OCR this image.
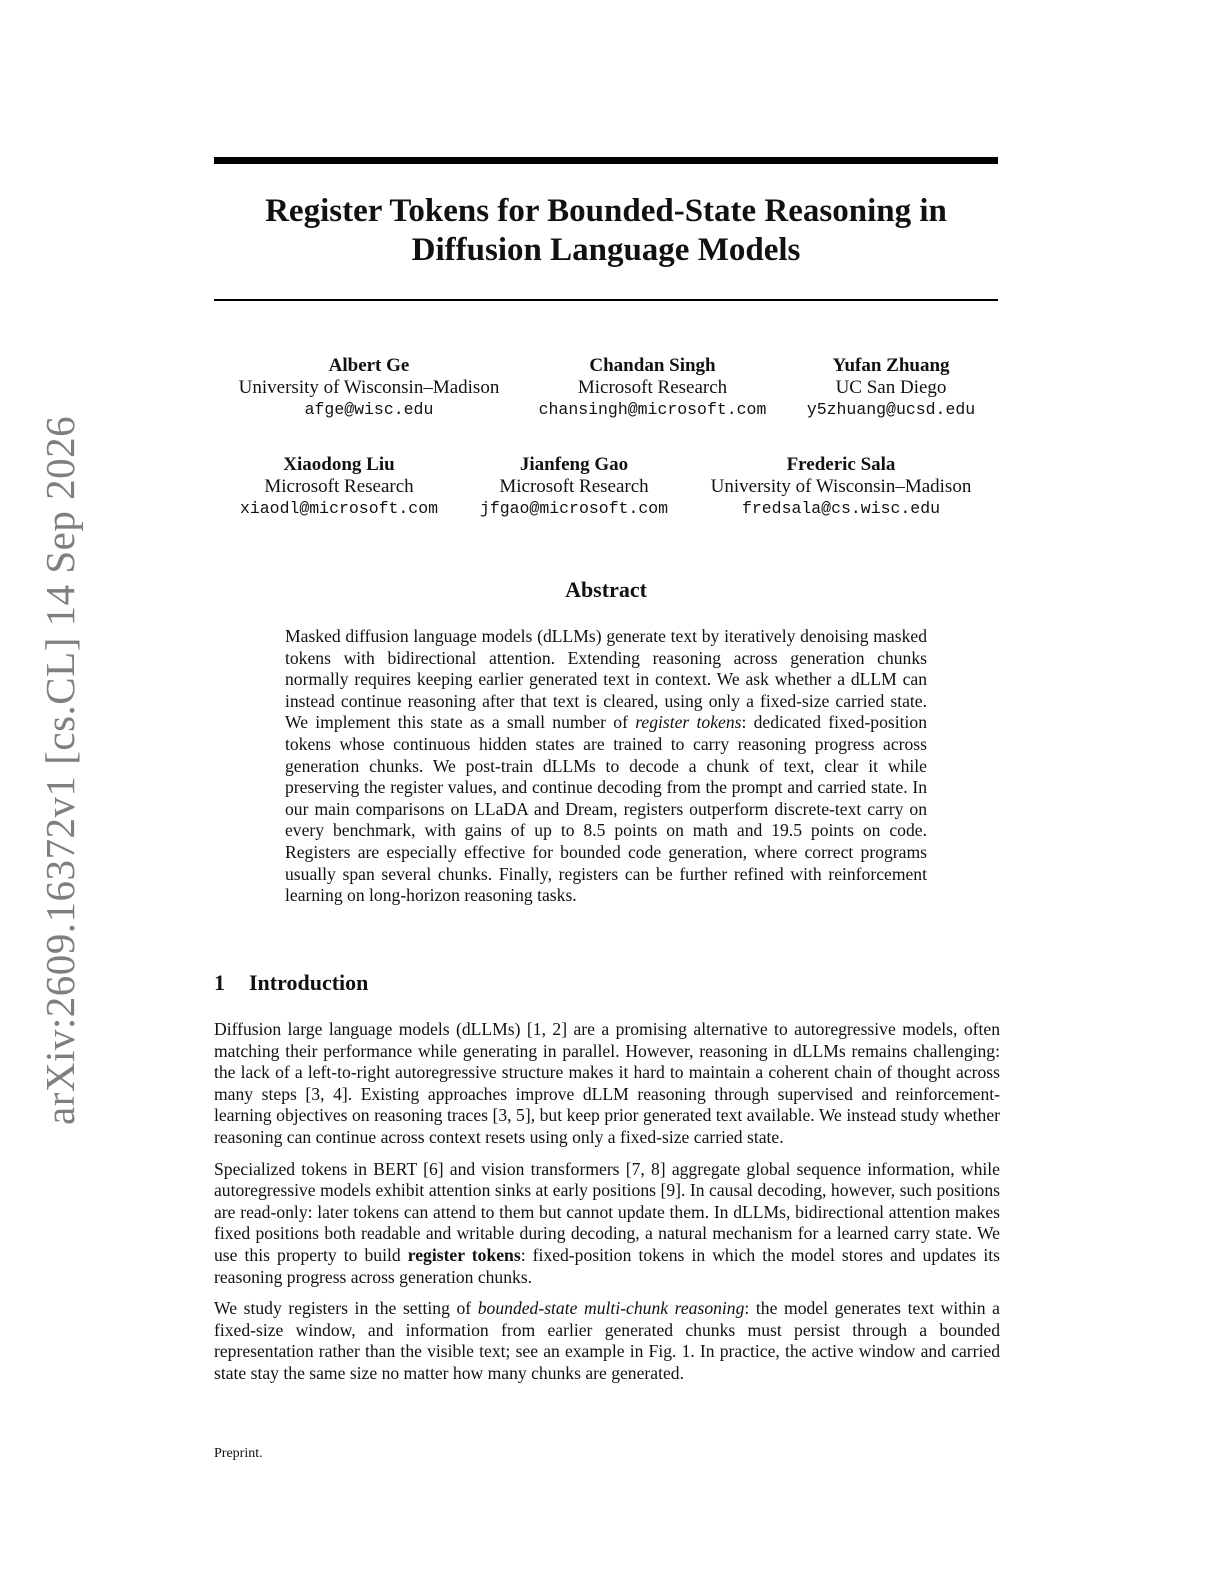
arXiv:2609.16372v1 [cs.CL] 14 Sep 2026
Register Tokens for Bounded-State Reasoning in
Diffusion Language Models
Albert Ge
University of Wisconsin–Madison
afge@wisc.edu
Chandan Singh
Microsoft Research
chansingh@microsoft.com
Yufan Zhuang
UC San Diego
y5zhuang@ucsd.edu
Xiaodong Liu
Microsoft Research
xiaodl@microsoft.com
Jianfeng Gao
Microsoft Research
jfgao@microsoft.com
Frederic Sala
University of Wisconsin–Madison
fredsala@cs.wisc.edu
Abstract
Masked diffusion language models (dLLMs) generate text by iteratively denoising masked tokens with bidirectional attention. Extending reasoning across generation chunks normally requires keeping earlier generated text in context. We ask whether a dLLM can instead continue reasoning after that text is cleared, using only a fixed-size carried state. We implement this state as a small number of register tokens: dedicated fixed-position tokens whose continuous hidden states are trained to carry reasoning progress across generation chunks. We post-train dLLMs to decode a chunk of text, clear it while preserving the register values, and continue decoding from the prompt and carried state. In our main comparisons on LLaDA and Dream, registers outperform discrete-text carry on every benchmark, with gains of up to 8.5 points on math and 19.5 points on code. Registers are especially effective for bounded code generation, where correct programs usually span several chunks. Finally, registers can be further refined with reinforcement learning on long-horizon reasoning tasks.
1 Introduction

Diffusion large language models (dLLMs) [1, 2] are a promising alternative to autoregressive models, often matching their performance while generating in parallel. However, reasoning in dLLMs remains challenging: the lack of a left-to-right autoregressive structure makes it hard to maintain a coherent chain of thought across many steps [3, 4]. Existing approaches improve dLLM reasoning through supervised and reinforcement-learning objectives on reasoning traces [3, 5], but keep prior generated text available. We instead study whether reasoning can continue across context resets using only a fixed-size carried state.

Specialized tokens in BERT [6] and vision transformers [7, 8] aggregate global sequence information, while autoregressive models exhibit attention sinks at early positions [9]. In causal decoding, however, such positions are read-only: later tokens can attend to them but cannot update them. In dLLMs, bidirectional attention makes fixed positions both readable and writable during decoding, a natural mechanism for a learned carry state. We use this property to build register tokens: fixed-position tokens in which the model stores and updates its reasoning progress across generation chunks.

We study registers in the setting of bounded-state multi-chunk reasoning: the model generates text within a fixed-size window, and information from earlier generated chunks must persist through a bounded representation rather than the visible text; see an example in Fig. 1. In practice, the active window and carried state stay the same size no matter how many chunks are generated.

Preprint.
